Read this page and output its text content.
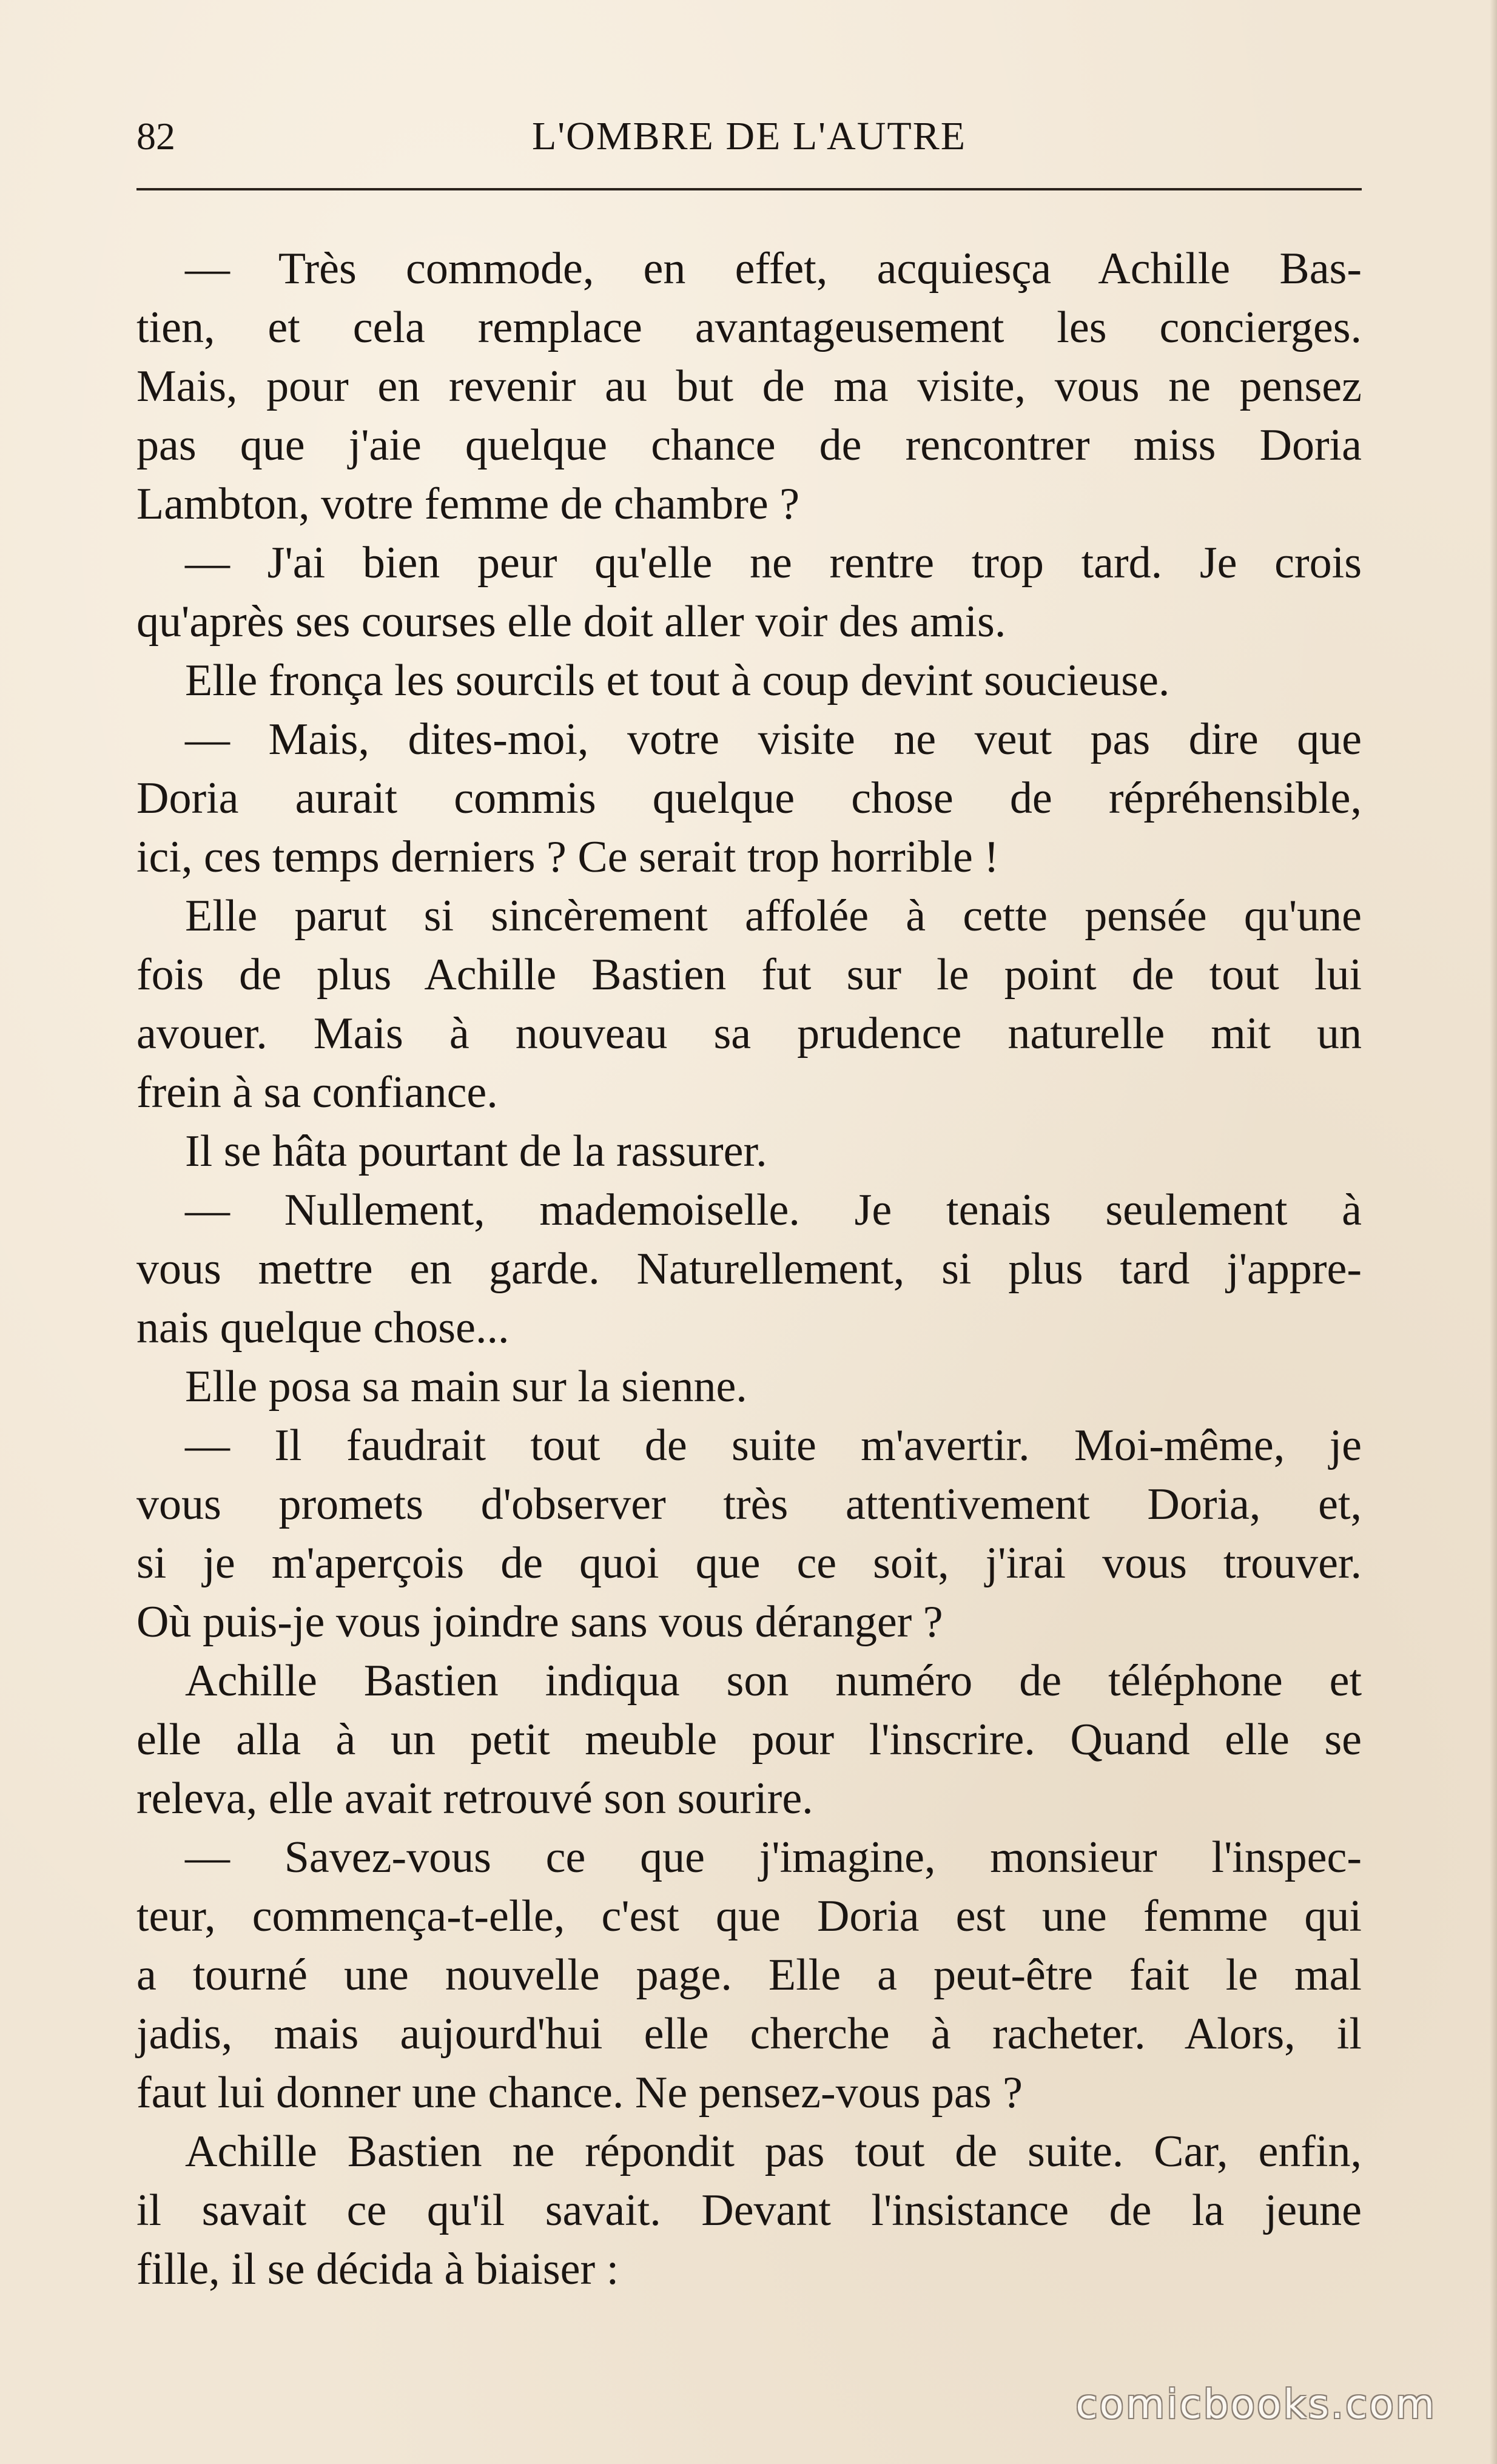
82	L'OMBRE DE L'AUTRE
— Très commode, en effet, acquiesça Achille Bas-
tien, et cela remplace avantageusement les concierges.
Mais, pour en revenir au but de ma visite, vous ne pensez
pas que j'aie quelque chance de rencontrer miss Doria
Lambton, votre femme de chambre ?
— J'ai bien peur qu'elle ne rentre trop tard. Je crois
qu'après ses courses elle doit aller voir des amis.
Elle fronça les sourcils et tout à coup devint soucieuse.
— Mais, dites-moi, votre visite ne veut pas dire que
Doria aurait commis quelque chose de répréhensible,
ici, ces temps derniers ? Ce serait trop horrible !
Elle parut si sincèrement affolée à cette pensée qu'une
fois de plus Achille Bastien fut sur le point de tout lui
avouer. Mais à nouveau sa prudence naturelle mit un
frein à sa confiance.
Il se hâta pourtant de la rassurer.
— Nullement, mademoiselle. Je tenais seulement à
vous mettre en garde. Naturellement, si plus tard j'appre-
nais quelque chose...
Elle posa sa main sur la sienne.
— Il faudrait tout de suite m'avertir. Moi-même, je
vous promets d'observer très attentivement Doria, et,
si je m'aperçois de quoi que ce soit, j'irai vous trouver.
Où puis-je vous joindre sans vous déranger ?
Achille Bastien indiqua son numéro de téléphone et
elle alla à un petit meuble pour l'inscrire. Quand elle se
releva, elle avait retrouvé son sourire.
— Savez-vous ce que j'imagine, monsieur l'inspec-
teur, commença-t-elle, c'est que Doria est une femme qui
a tourné une nouvelle page. Elle a peut-être fait le mal
jadis, mais aujourd'hui elle cherche à racheter. Alors, il
faut lui donner une chance. Ne pensez-vous pas ?
Achille Bastien ne répondit pas tout de suite. Car, enfin,
il savait ce qu'il savait. Devant l'insistance de la jeune
fille, il se décida à biaiser :
comicbooks.com
